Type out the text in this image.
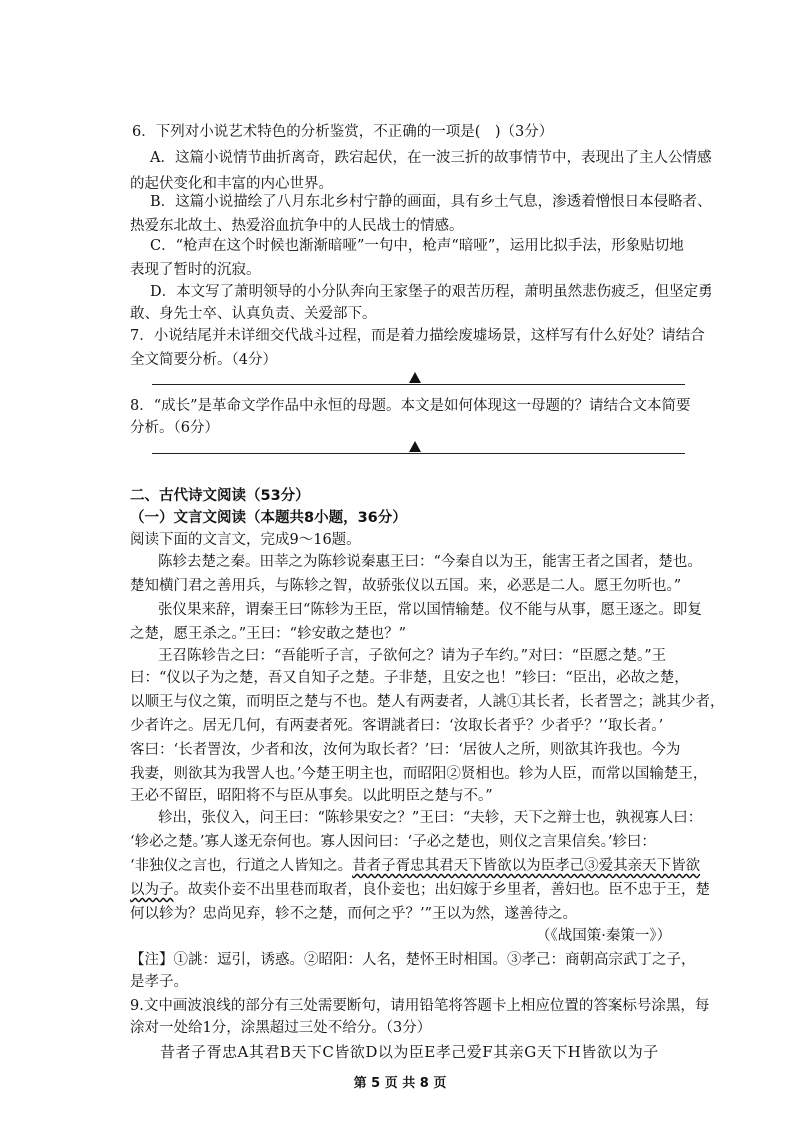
6．下列对小说艺术特色的分析鉴赏，不正确的一项是(　)（3分）
A．这篇小说情节曲折离奇，跌宕起伏，在一波三折的故事情节中，表现出了主人公情感
的起伏变化和丰富的内心世界。
B．这篇小说描绘了八月东北乡村宁静的画面，具有乡土气息，渗透着憎恨日本侵略者、
热爱东北故土、热爱浴血抗争中的人民战士的情感。
C．“枪声在这个时候也渐渐暗哑”一句中，枪声“暗哑”，运用比拟手法，形象贴切地
表现了暂时的沉寂。
D．本文写了萧明领导的小分队奔向王家堡子的艰苦历程，萧明虽然悲伤疲乏，但坚定勇
敢、身先士卒、认真负责、关爱部下。
7．小说结尾并未详细交代战斗过程，而是着力描绘废墟场景，这样写有什么好处？请结合
全文简要分析。（4分）
8．“成长”是革命文学作品中永恒的母题。本文是如何体现这一母题的？请结合文本简要
分析。（6分）
二、古代诗文阅读（53分）
（一）文言文阅读（本题共8小题，36分）
阅读下面的文言文，完成9～16题。
陈轸去楚之秦。田莘之为陈轸说秦惠王曰：“今秦自以为王，能害王者之国者，楚也。
楚知横门君之善用兵，与陈轸之智，故骄张仪以五国。来，必恶是二人。愿王勿听也。”
张仪果来辞，谓秦王曰“陈轸为王臣，常以国情输楚。仪不能与从事，愿王逐之。即复
之楚，愿王杀之。”王曰：“轸安敢之楚也？”
王召陈轸告之曰：“吾能听子言，子欲何之？请为子车约。”对曰：“臣愿之楚。”王
曰：“仪以子为之楚，吾又自知子之楚。子非楚，且安之也！”轸曰：“臣出，必故之楚，
以顺王与仪之策，而明臣之楚与不也。楚人有两妻者，人誂①其长者，长者詈之；誂其少者，
少者许之。居无几何，有两妻者死。客谓誂者曰：‘汝取长者乎？少者乎？’‘取长者。’
客曰：‘长者詈汝，少者和汝，汝何为取长者？’曰：‘居彼人之所，则欲其许我也。今为
我妻，则欲其为我詈人也。’今楚王明主也，而昭阳②贤相也。轸为人臣，而常以国输楚王，
王必不留臣，昭阳将不与臣从事矣。以此明臣之楚与不。”
轸出，张仪入，问王曰：“陈轸果安之？”王曰：“夫轸，天下之辩士也，孰视寡人曰：
‘轸必之楚。’寡人遂无奈何也。寡人因问曰：‘子必之楚也，则仪之言果信矣。’轸曰：
‘非独仪之言也，行道之人皆知之。昔者子胥忠其君天下皆欲以为臣孝己③爱其亲天下皆欲
以为子。故卖仆妾不出里巷而取者，良仆妾也；出妇嫁于乡里者，善妇也。臣不忠于王，楚
何以轸为？忠尚见弃，轸不之楚，而何之乎？’”王以为然，遂善待之。
（《战国策·秦策一》）
【注】①誂：逗引，诱惑。②昭阳：人名，楚怀王时相国。③孝己：商朝高宗武丁之子，
是孝子。
9.文中画波浪线的部分有三处需要断句，请用铅笔将答题卡上相应位置的答案标号涂黑，每
涂对一处给1分，涂黑超过三处不给分。（3分）
昔者子胥忠A其君B天下C皆欲D以为臣E孝己爱F其亲G天下H皆欲以为子
第 5 页 共 8 页
